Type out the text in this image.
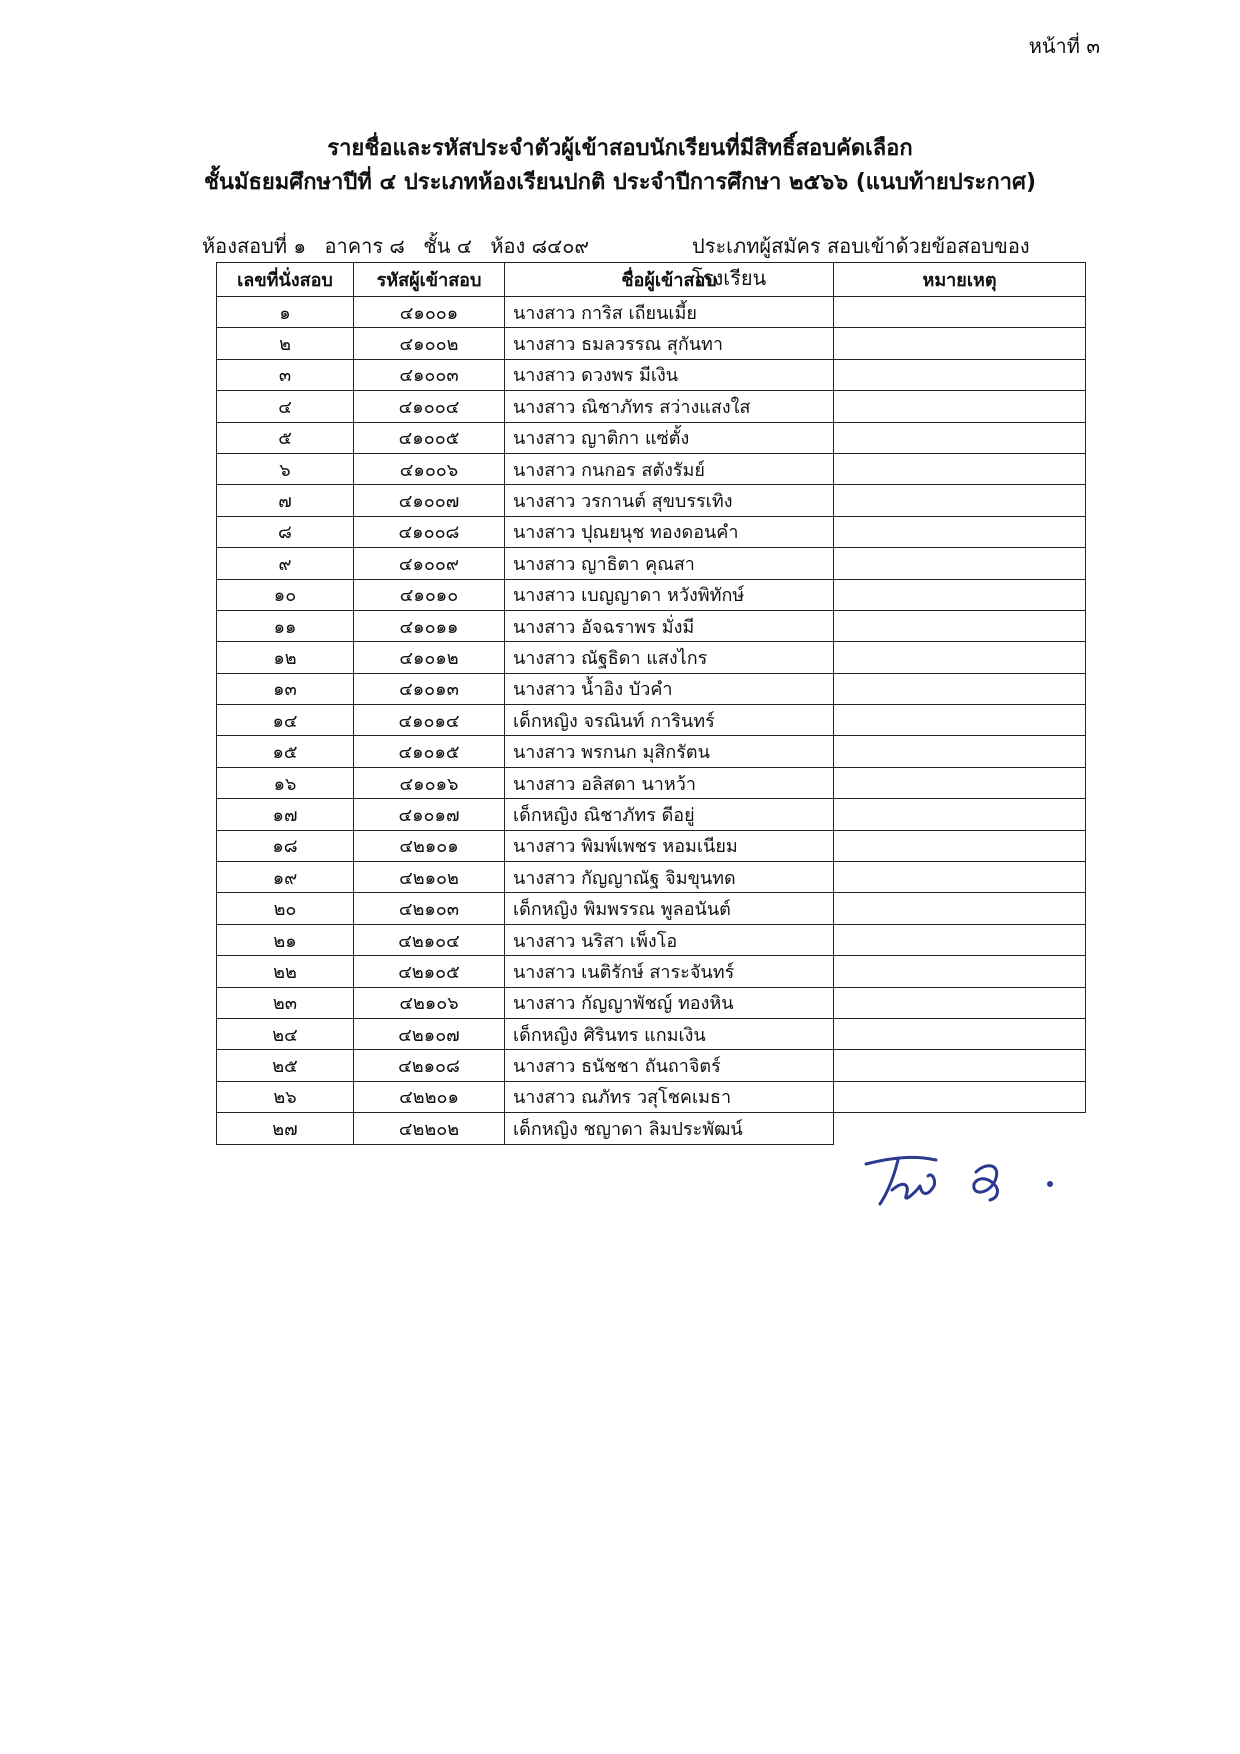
หน้าที่ ๓
รายชื่อและรหัสประจำตัวผู้เข้าสอบนักเรียนที่มีสิทธิ์สอบคัดเลือก
ชั้นมัธยมศึกษาปีที่ ๔ ประเภทห้องเรียนปกติ ประจำปีการศึกษา ๒๕๖๖ (แนบท้ายประกาศ)
ห้องสอบที่ ๑ อาคาร ๘ ชั้น ๔ ห้อง ๘๔๐๙	ประเภทผู้สมัคร สอบเข้าด้วยข้อสอบของโรงเรียน
เลขที่นั่งสอบ	รหัสผู้เข้าสอบ	ชื่อผู้เข้าสอบ	หมายเหตุ
๑	๔๑๐๐๑	นางสาว การิส เถียนเมี้ย	
๒	๔๑๐๐๒	นางสาว ธมลวรรณ สุกันทา	
๓	๔๑๐๐๓	นางสาว ดวงพร มีเงิน	
๔	๔๑๐๐๔	นางสาว ณิชาภัทร สว่างแสงใส	
๕	๔๑๐๐๕	นางสาว ญาติกา แซ่ตั้ง	
๖	๔๑๐๐๖	นางสาว กนกอร สตังรัมย์	
๗	๔๑๐๐๗	นางสาว วรกานต์ สุขบรรเทิง	
๘	๔๑๐๐๘	นางสาว ปุณยนุช ทองดอนคำ	
๙	๔๑๐๐๙	นางสาว ญาธิตา คุณสา	
๑๐	๔๑๐๑๐	นางสาว เบญญาดา หวังพิทักษ์	
๑๑	๔๑๐๑๑	นางสาว อัจฉราพร มั่งมี	
๑๒	๔๑๐๑๒	นางสาว ณัฐธิดา แสงไกร	
๑๓	๔๑๐๑๓	นางสาว น้ำอิง บัวคำ	
๑๔	๔๑๐๑๔	เด็กหญิง จรณินท์ การินทร์	
๑๕	๔๑๐๑๕	นางสาว พรกนก มุสิกรัตน	
๑๖	๔๑๐๑๖	นางสาว อลิสดา นาหว้า	
๑๗	๔๑๐๑๗	เด็กหญิง ณิชาภัทร ดีอยู่	
๑๘	๔๒๑๐๑	นางสาว พิมพ์เพชร หอมเนียม	
๑๙	๔๒๑๐๒	นางสาว กัญญาณัฐ จิมขุนทด	
๒๐	๔๒๑๐๓	เด็กหญิง พิมพรรณ พูลอนันต์	
๒๑	๔๒๑๐๔	นางสาว นริสา เพ็งโอ	
๒๒	๔๒๑๐๕	นางสาว เนติรักษ์ สาระจันทร์	
๒๓	๔๒๑๐๖	นางสาว กัญญาพัชญ์ ทองหิน	
๒๔	๔๒๑๐๗	เด็กหญิง ศิรินทร แกมเงิน	
๒๕	๔๒๑๐๘	นางสาว ธนัชชา ถันถาจิตร์	
๒๖	๔๒๒๐๑	นางสาว ณภัทร วสุโชคเมธา	
๒๗	๔๒๒๐๒	เด็กหญิง ชญาดา ลิมประพัฒน์	
